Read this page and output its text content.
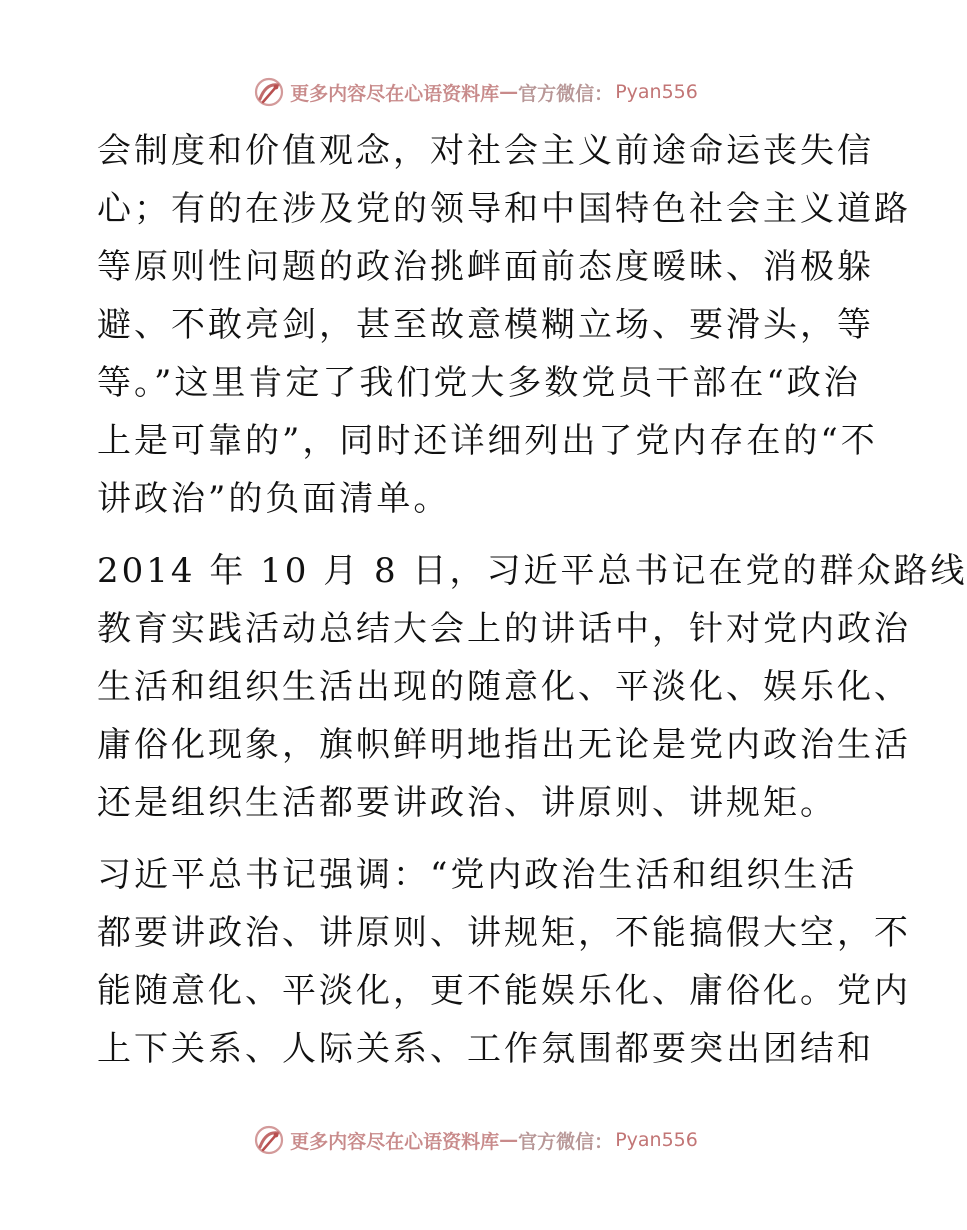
更多内容尽在心语资料库 — 官方微信 ： Pyan556
会制度和价值观念，对社会主义前途命运丧失信
心；有的在涉及党的领导和中国特色社会主义道路
等原则性问题的政治挑衅面前态度暧昧、消极躲
避、不敢亮剑，甚至故意模糊立场、要滑头，等
等。”这里肯定了我们党大多数党员干部在“政治
上是可靠的”，同时还详细列出了党内存在的“不
讲政治”的负面清单。
2014 年 10 月 8 日，习近平总书记在党的群众路线
教育实践活动总结大会上的讲话中，针对党内政治
生活和组织生活出现的随意化、平淡化、娱乐化、
庸俗化现象，旗帜鲜明地指出无论是党内政治生活
还是组织生活都要讲政治、讲原则、讲规矩。
习近平总书记强调：“党内政治生活和组织生活
都要讲政治、讲原则、讲规矩，不能搞假大空，不
能随意化、平淡化，更不能娱乐化、庸俗化。党内
上下关系、人际关系、工作氛围都要突出团结和
更多内容尽在心语资料库 — 官方微信 ： Pyan556
